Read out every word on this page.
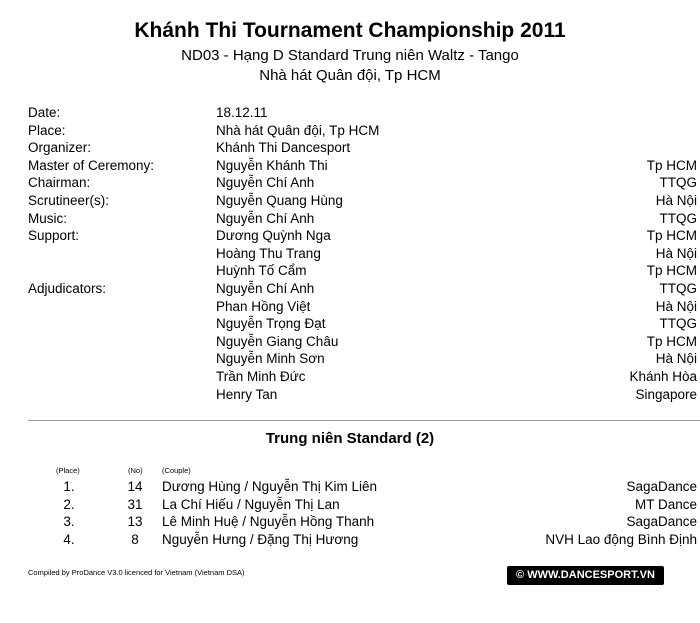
Khánh Thi Tournament Championship 2011
ND03 - Hạng D Standard Trung niên Waltz - Tango
Nhà hát Quân đội, Tp HCM
Date:	18.12.11
Place:	Nhà hát Quân đội, Tp HCM
Organizer:	Khánh Thi Dancesport
Master of Ceremony:	Nguyễn Khánh Thi	Tp HCM
Chairman:	Nguyễn Chí Anh	TTQG
Scrutineer(s):	Nguyễn Quang Hùng	Hà Nội
Music:	Nguyễn Chí Anh	TTQG
Support:	Dương Quỳnh Nga	Tp HCM
Hoàng Thu Trang	Hà Nội
Huỳnh Tố Cẩm	Tp HCM
Adjudicators:	Nguyễn Chí Anh	TTQG
Phan Hồng Việt	Hà Nội
Nguyễn Trọng Đạt	TTQG
Nguyễn Giang Châu	Tp HCM
Nguyễn Minh Sơn	Hà Nội
Trần Minh Đức	Khánh Hòa
Henry Tan	Singapore
Trung niên Standard (2)
(Place)	(No)	(Couple)
1.	14	Dương Hùng / Nguyễn Thị Kim Liên	SagaDance
2.	31	La Chí Hiếu / Nguyễn Thị Lan	MT Dance
3.	13	Lê Minh Huệ / Nguyễn Hồng Thanh	SagaDance
4.	8	Nguyễn Hưng / Đặng Thị Hương	NVH Lao động Bình Định
Compiled by ProDance V3.0 licenced for Vietnam (Vietnam DSA)	© WWW.DANCESPORT.VN
